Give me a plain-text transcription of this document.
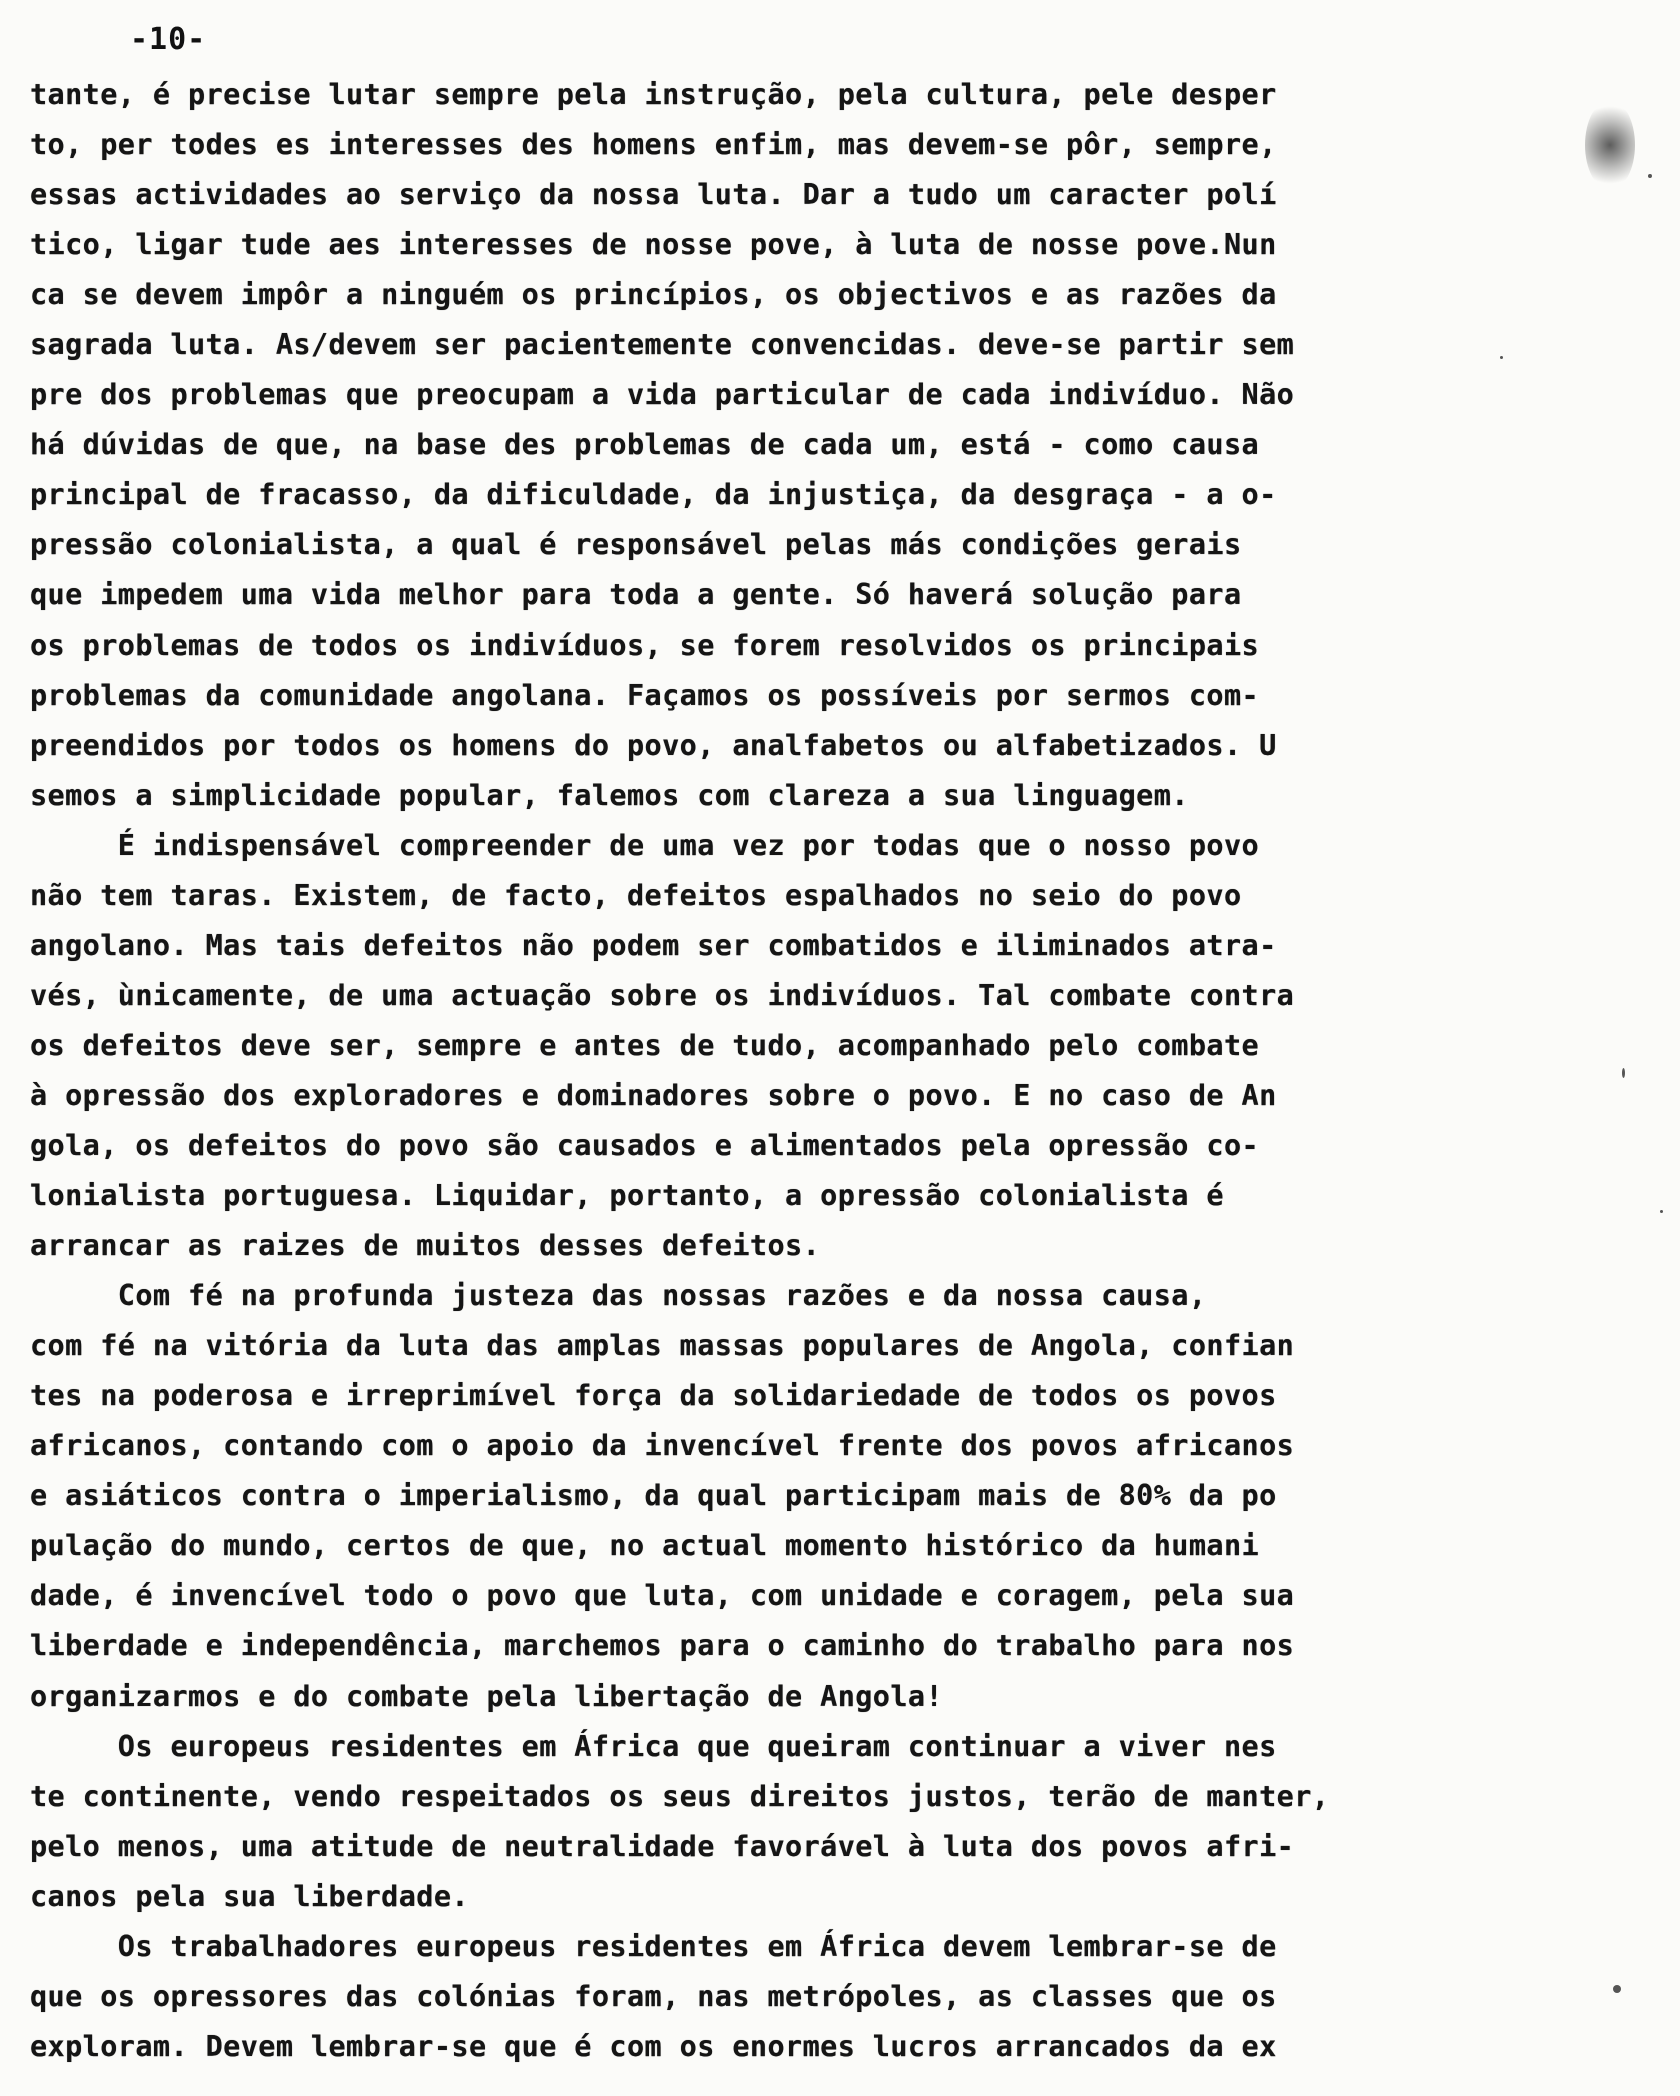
-10-
tante, é precise lutar sempre pela instrução, pela cultura, pele desper
to, per todes es interesses des homens enfim, mas devem-se pôr, sempre,
essas actividades ao serviço da nossa luta. Dar a tudo um caracter polí
tico, ligar tude aes interesses de nosse pove, à luta de nosse pove.Nun
ca se devem impôr a ninguém os princípios, os objectivos e as razões da
sagrada luta. As/devem ser pacientemente convencidas. deve-se partir sem
pre dos problemas que preocupam a vida particular de cada indivíduo. Não
há dúvidas de que, na base des problemas de cada um, está - como causa
principal de fracasso, da dificuldade, da injustiça, da desgraça - a o-
pressão colonialista, a qual é responsável pelas más condições gerais
que impedem uma vida melhor para toda a gente. Só haverá solução para
os problemas de todos os indivíduos, se forem resolvidos os principais
problemas da comunidade angolana. Façamos os possíveis por sermos com-
preendidos por todos os homens do povo, analfabetos ou alfabetizados. U
semos a simplicidade popular, falemos com clareza a sua linguagem.
É indispensável compreender de uma vez por todas que o nosso povo
não tem taras. Existem, de facto, defeitos espalhados no seio do povo
angolano. Mas tais defeitos não podem ser combatidos e iliminados atra-
vés, ùnicamente, de uma actuação sobre os indivíduos. Tal combate contra
os defeitos deve ser, sempre e antes de tudo, acompanhado pelo combate
à opressão dos exploradores e dominadores sobre o povo. E no caso de An
gola, os defeitos do povo são causados e alimentados pela opressão co-
lonialista portuguesa. Liquidar, portanto, a opressão colonialista é
arrancar as raizes de muitos desses defeitos.
Com fé na profunda justeza das nossas razões e da nossa causa,
com fé na vitória da luta das amplas massas populares de Angola, confian
tes na poderosa e irreprimível força da solidariedade de todos os povos
africanos, contando com o apoio da invencível frente dos povos africanos
e asiáticos contra o imperialismo, da qual participam mais de 80% da po
pulação do mundo, certos de que, no actual momento histórico da humani
dade, é invencível todo o povo que luta, com unidade e coragem, pela sua
liberdade e independência, marchemos para o caminho do trabalho para nos
organizarmos e do combate pela libertação de Angola!
Os europeus residentes em África que queiram continuar a viver nes
te continente, vendo respeitados os seus direitos justos, terão de manter,
pelo menos, uma atitude de neutralidade favorável à luta dos povos afri-
canos pela sua liberdade.
Os trabalhadores europeus residentes em África devem lembrar-se de
que os opressores das colónias foram, nas metrópoles, as classes que os
exploram. Devem lembrar-se que é com os enormes lucros arrancados da ex
